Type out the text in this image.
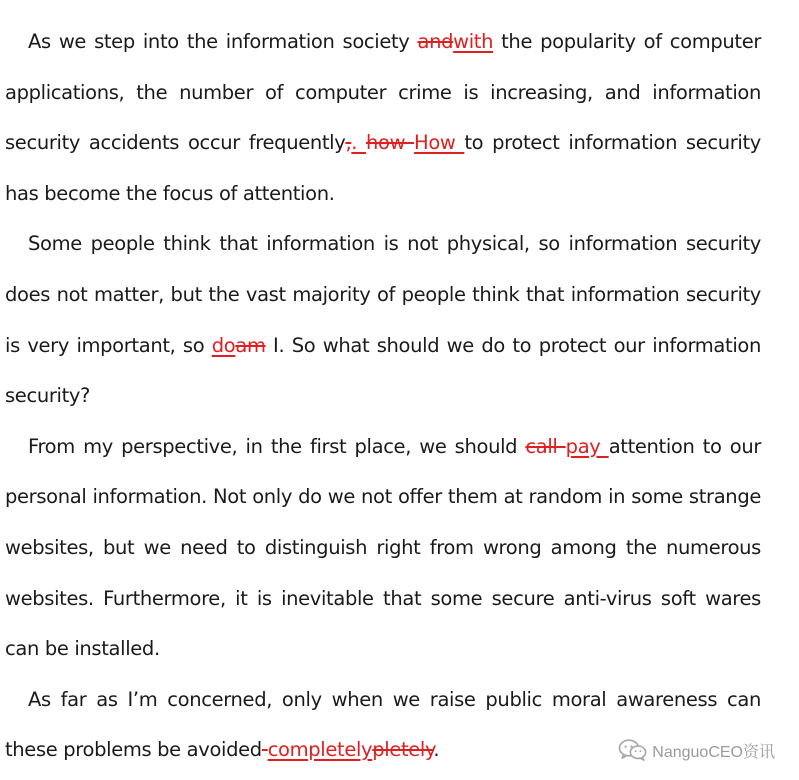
As we step into the information society andwith the popularity of computer applications, the number of computer crime is increasing, and information security accidents occur frequently,. how How to protect information security has become the focus of attention.

Some people think that information is not physical, so information security does not matter, but the vast majority of people think that information security is very important, so doam I. So what should we do to protect our information security?

From my perspective, in the first place, we should call pay attention to our personal information. Not only do we not offer them at random in some strange websites, but we need to distinguish right from wrong among the numerous websites. Furthermore, it is inevitable that some secure anti-virus soft wares can be installed.

As far as I’m concerned, only when we raise public moral awareness can these problems be avoided completelypletely.	NanguoCEO资讯
